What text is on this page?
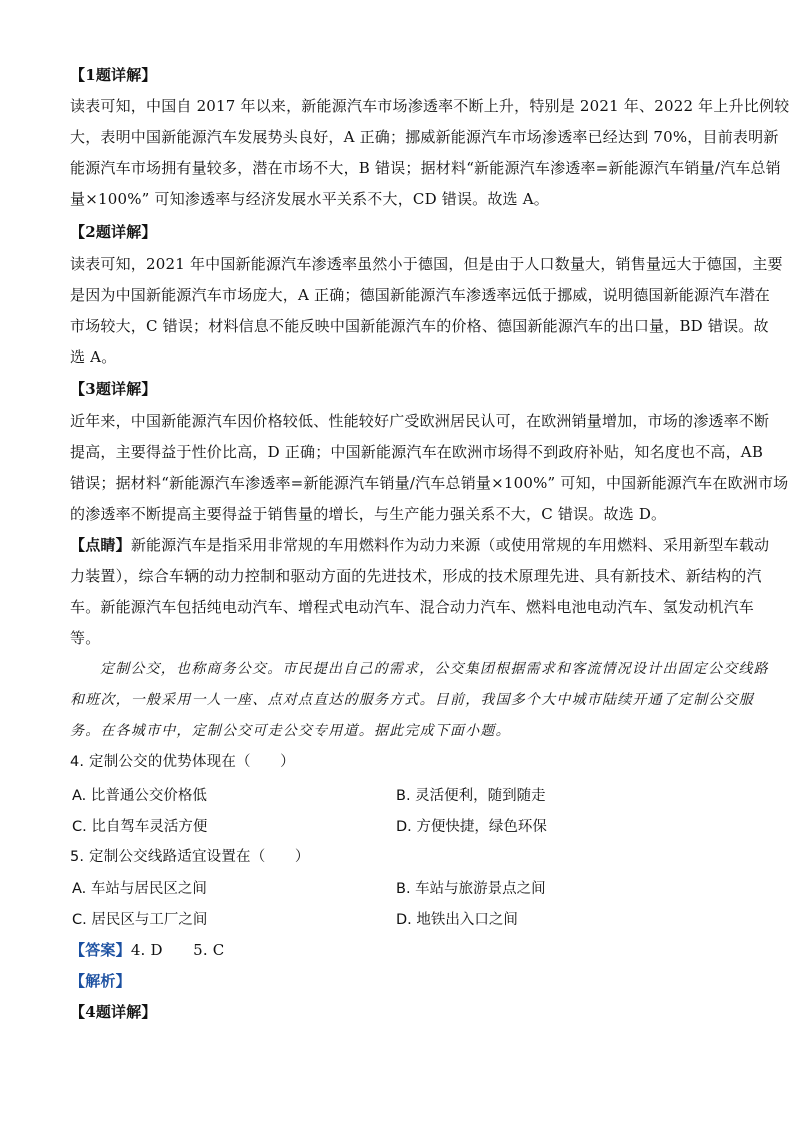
【1题详解】
读表可知，中国自 2017 年以来，新能源汽车市场渗透率不断上升，特别是 2021 年、2022 年上升比例较
大，表明中国新能源汽车发展势头良好，A 正确；挪威新能源汽车市场渗透率已经达到 70%，目前表明新
能源汽车市场拥有量较多，潜在市场不大，B 错误；据材料“新能源汽车渗透率=新能源汽车销量/汽车总销
量×100%” 可知渗透率与经济发展水平关系不大，CD 错误。故选 A。
【2题详解】
读表可知，2021 年中国新能源汽车渗透率虽然小于德国，但是由于人口数量大，销售量远大于德国，主要
是因为中国新能源汽车市场庞大，A 正确；德国新能源汽车渗透率远低于挪威，说明德国新能源汽车潜在
市场较大，C 错误；材料信息不能反映中国新能源汽车的价格、德国新能源汽车的出口量，BD 错误。故
选 A。
【3题详解】
近年来，中国新能源汽车因价格较低、性能较好广受欧洲居民认可，在欧洲销量增加，市场的渗透率不断
提高，主要得益于性价比高，D 正确；中国新能源汽车在欧洲市场得不到政府补贴，知名度也不高，AB
错误；据材料“新能源汽车渗透率=新能源汽车销量/汽车总销量×100%” 可知，中国新能源汽车在欧洲市场
的渗透率不断提高主要得益于销售量的增长，与生产能力强关系不大，C 错误。故选 D。
【点睛】新能源汽车是指采用非常规的车用燃料作为动力来源（或使用常规的车用燃料、采用新型车载动
力装置），综合车辆的动力控制和驱动方面的先进技术，形成的技术原理先进、具有新技术、新结构的汽
车。新能源汽车包括纯电动汽车、增程式电动汽车、混合动力汽车、燃料电池电动汽车、氢发动机汽车
等。
定制公交，也称商务公交。市民提出自己的需求，公交集团根据需求和客流情况设计出固定公交线路
和班次，一般采用一人一座、点对点直达的服务方式。目前，我国多个大中城市陆续开通了定制公交服
务。在各城市中，定制公交可走公交专用道。据此完成下面小题。
4. 定制公交的优势体现在（　　）
A. 比普通公交价格低	B. 灵活便利，随到随走
C. 比自驾车灵活方便	D. 方便快捷，绿色环保
5. 定制公交线路适宜设置在（　　）
A. 车站与居民区之间	B. 车站与旅游景点之间
C. 居民区与工厂之间	D. 地铁出入口之间
【答案】4. D　　5. C
【解析】
【4题详解】
